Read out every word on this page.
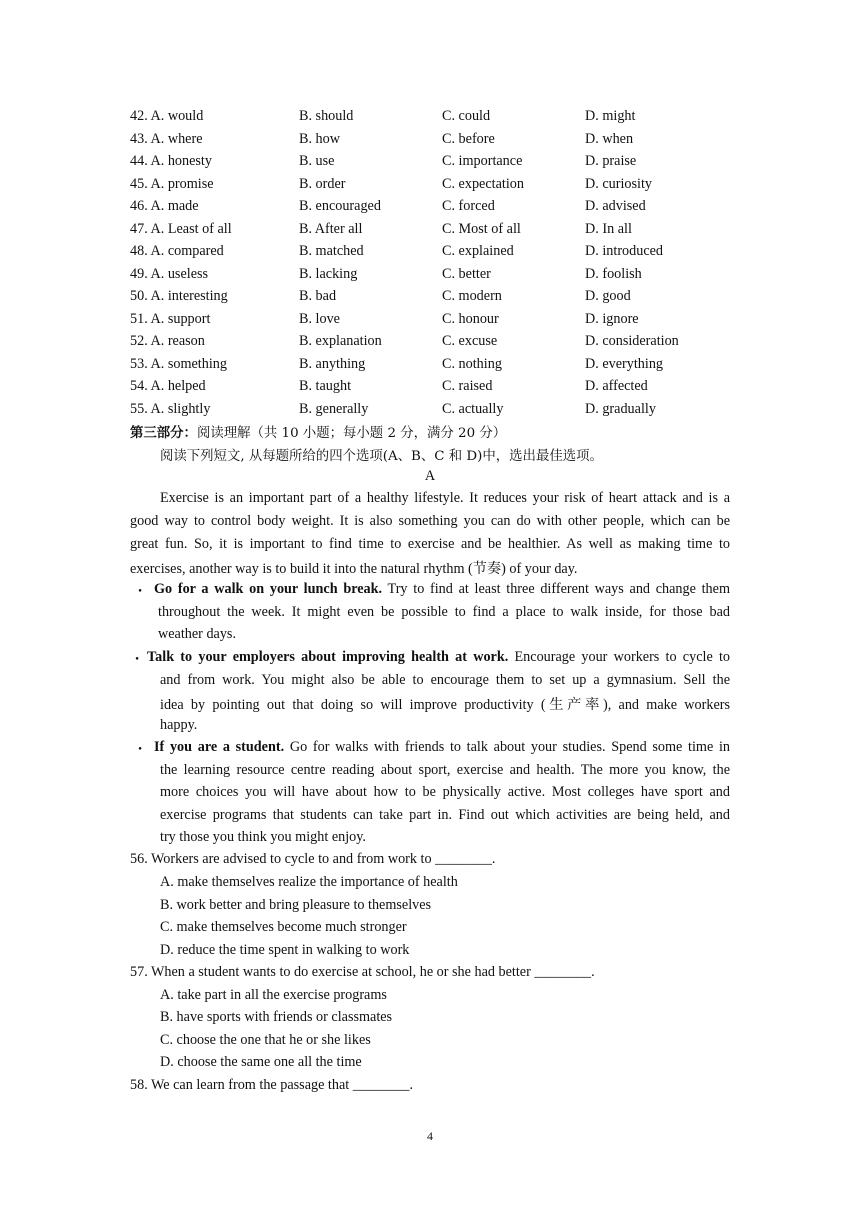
42. A. would	B. should	C. could	D. might
43. A. where	B. how	C. before	D. when
44. A. honesty	B. use	C. importance	D. praise
45. A. promise	B. order	C. expectation	D. curiosity
46. A. made	B. encouraged	C. forced	D. advised
47. A. Least of all	B. After all	C. Most of all	D. In all
48. A. compared	B. matched	C. explained	D. introduced
49. A. useless	B. lacking	C. better	D. foolish
50. A. interesting	B. bad	C. modern	D. good
51. A. support	B. love	C. honour	D. ignore
52. A. reason	B. explanation	C. excuse	D. consideration
53. A. something	B. anything	C. nothing	D. everything
54. A. helped	B. taught	C. raised	D. affected
55. A. slightly	B. generally	C. actually	D. gradually
第三部分：阅读理解（共 10 小题；每小题 2 分，满分 20 分）
阅读下列短文, 从每题所给的四个选项(A、B、C 和 D)中，选出最佳选项。
A
Exercise is an important part of a healthy lifestyle. It reduces your risk of heart attack and is a
good way to control body weight. It is also something you can do with other people, which can be
great fun. So, it is important to find time to exercise and be healthier. As well as making time to
exercises, another way is to build it into the natural rhythm (节奏) of your day.
・ Go for a walk on your lunch break. Try to find at least three different ways and change them
throughout the week. It might even be possible to find a place to walk inside, for those bad
weather days.
・ Talk to your employers about improving health at work. Encourage your workers to cycle to
and from work. You might also be able to encourage them to set up a gymnasium. Sell the
idea by pointing out that doing so will improve productivity (生产率), and make workers
happy.
・ If you are a student. Go for walks with friends to talk about your studies. Spend some time in
the learning resource centre reading about sport, exercise and health. The more you know, the
more choices you will have about how to be physically active. Most colleges have sport and
exercise programs that students can take part in. Find out which activities are being held, and
try those you think you might enjoy.
56. Workers are advised to cycle to and from work to ________.
A. make themselves realize the importance of health
B. work better and bring pleasure to themselves
C. make themselves become much stronger
D. reduce the time spent in walking to work
57. When a student wants to do exercise at school, he or she had better ________.
A. take part in all the exercise programs
B. have sports with friends or classmates
C. choose the one that he or she likes
D. choose the same one all the time
58. We can learn from the passage that ________.
4
